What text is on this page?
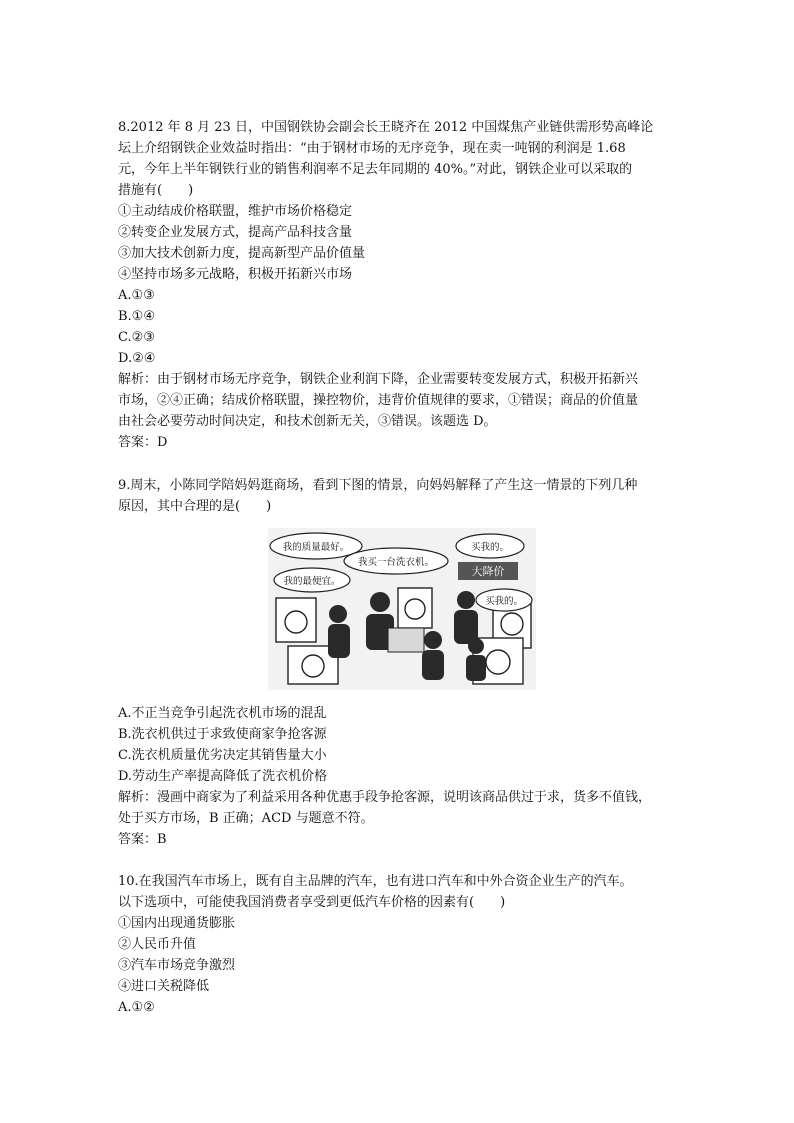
8.2012 年 8 月 23 日，中国钢铁协会副会长王晓齐在 2012 中国煤焦产业链供需形势高峰论
坛上介绍钢铁企业效益时指出：“由于钢材市场的无序竞争，现在卖一吨钢的利润是 1.68
元，今年上半年钢铁行业的销售利润率不足去年同期的 40%。”对此，钢铁企业可以采取的
措施有(　　)
①主动结成价格联盟，维护市场价格稳定
②转变企业发展方式，提高产品科技含量
③加大技术创新力度，提高新型产品价值量
④坚持市场多元战略，积极开拓新兴市场
A.①③
B.①④
C.②③
D.②④
解析：由于钢材市场无序竞争，钢铁企业利润下降，企业需要转变发展方式，积极开拓新兴
市场，②④正确；结成价格联盟，操控物价，违背价值规律的要求，①错误；商品的价值量
由社会必要劳动时间决定，和技术创新无关，③错误。该题选 D。
答案：D
9.周末，小陈同学陪妈妈逛商场，看到下图的情景，向妈妈解释了产生这一情景的下列几种
原因，其中合理的是(　　)
大降价
我的质量最好。
我买一台洗衣机。
我的最便宜。
买我的。
买我的。
A.不正当竞争引起洗衣机市场的混乱
B.洗衣机供过于求致使商家争抢客源
C.洗衣机质量优劣决定其销售量大小
D.劳动生产率提高降低了洗衣机价格
解析：漫画中商家为了利益采用各种优惠手段争抢客源，说明该商品供过于求，货多不值钱，
处于买方市场，B 正确；ACD 与题意不符。
答案：B
10.在我国汽车市场上，既有自主品牌的汽车，也有进口汽车和中外合资企业生产的汽车。
以下选项中，可能使我国消费者享受到更低汽车价格的因素有(　　)
①国内出现通货膨胀
②人民币升值
③汽车市场竞争激烈
④进口关税降低
A.①②
